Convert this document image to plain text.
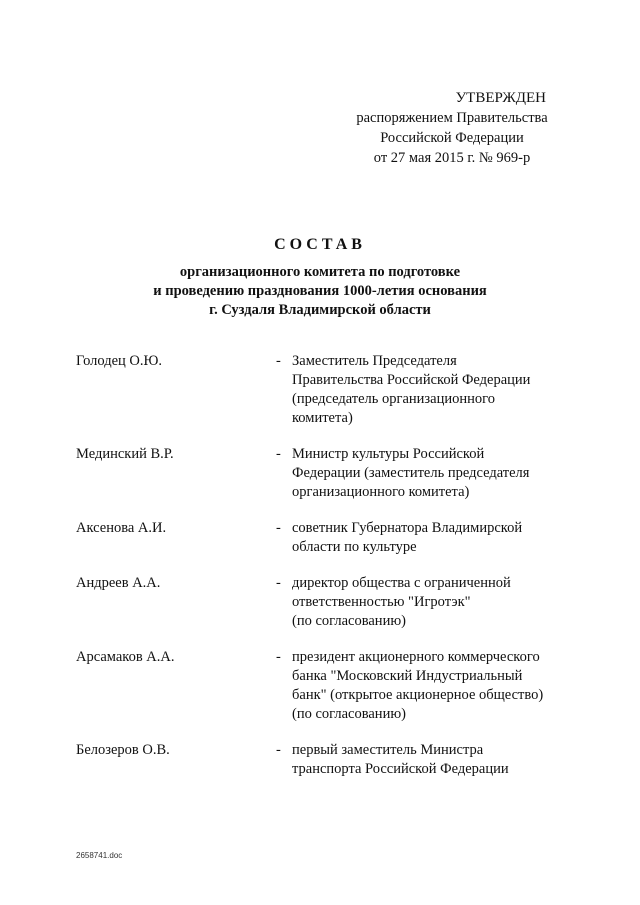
УТВЕРЖДЕН
распоряжением Правительства
Российской Федерации
от 27 мая 2015 г. № 969-р
СОСТАВ
организационного комитета по подготовке
и проведению празднования 1000-летия основания
г. Суздаля Владимирской области
Голодец О.Ю.	- Заместитель Председателя
Правительства Российской Федерации
(председатель организационного
комитета)
Мединский В.Р.	- Министр культуры Российской
Федерации (заместитель председателя
организационного комитета)
Аксенова А.И.	- советник Губернатора Владимирской
области по культуре
Андреев А.А.	- директор общества с ограниченной
ответственностью "Игротэк"
(по согласованию)
Арсамаков А.А.	- президент акционерного коммерческого
банка "Московский Индустриальный
банк" (открытое акционерное общество)
(по согласованию)
Белозеров О.В.	- первый заместитель Министра
транспорта Российской Федерации
2658741.doc
